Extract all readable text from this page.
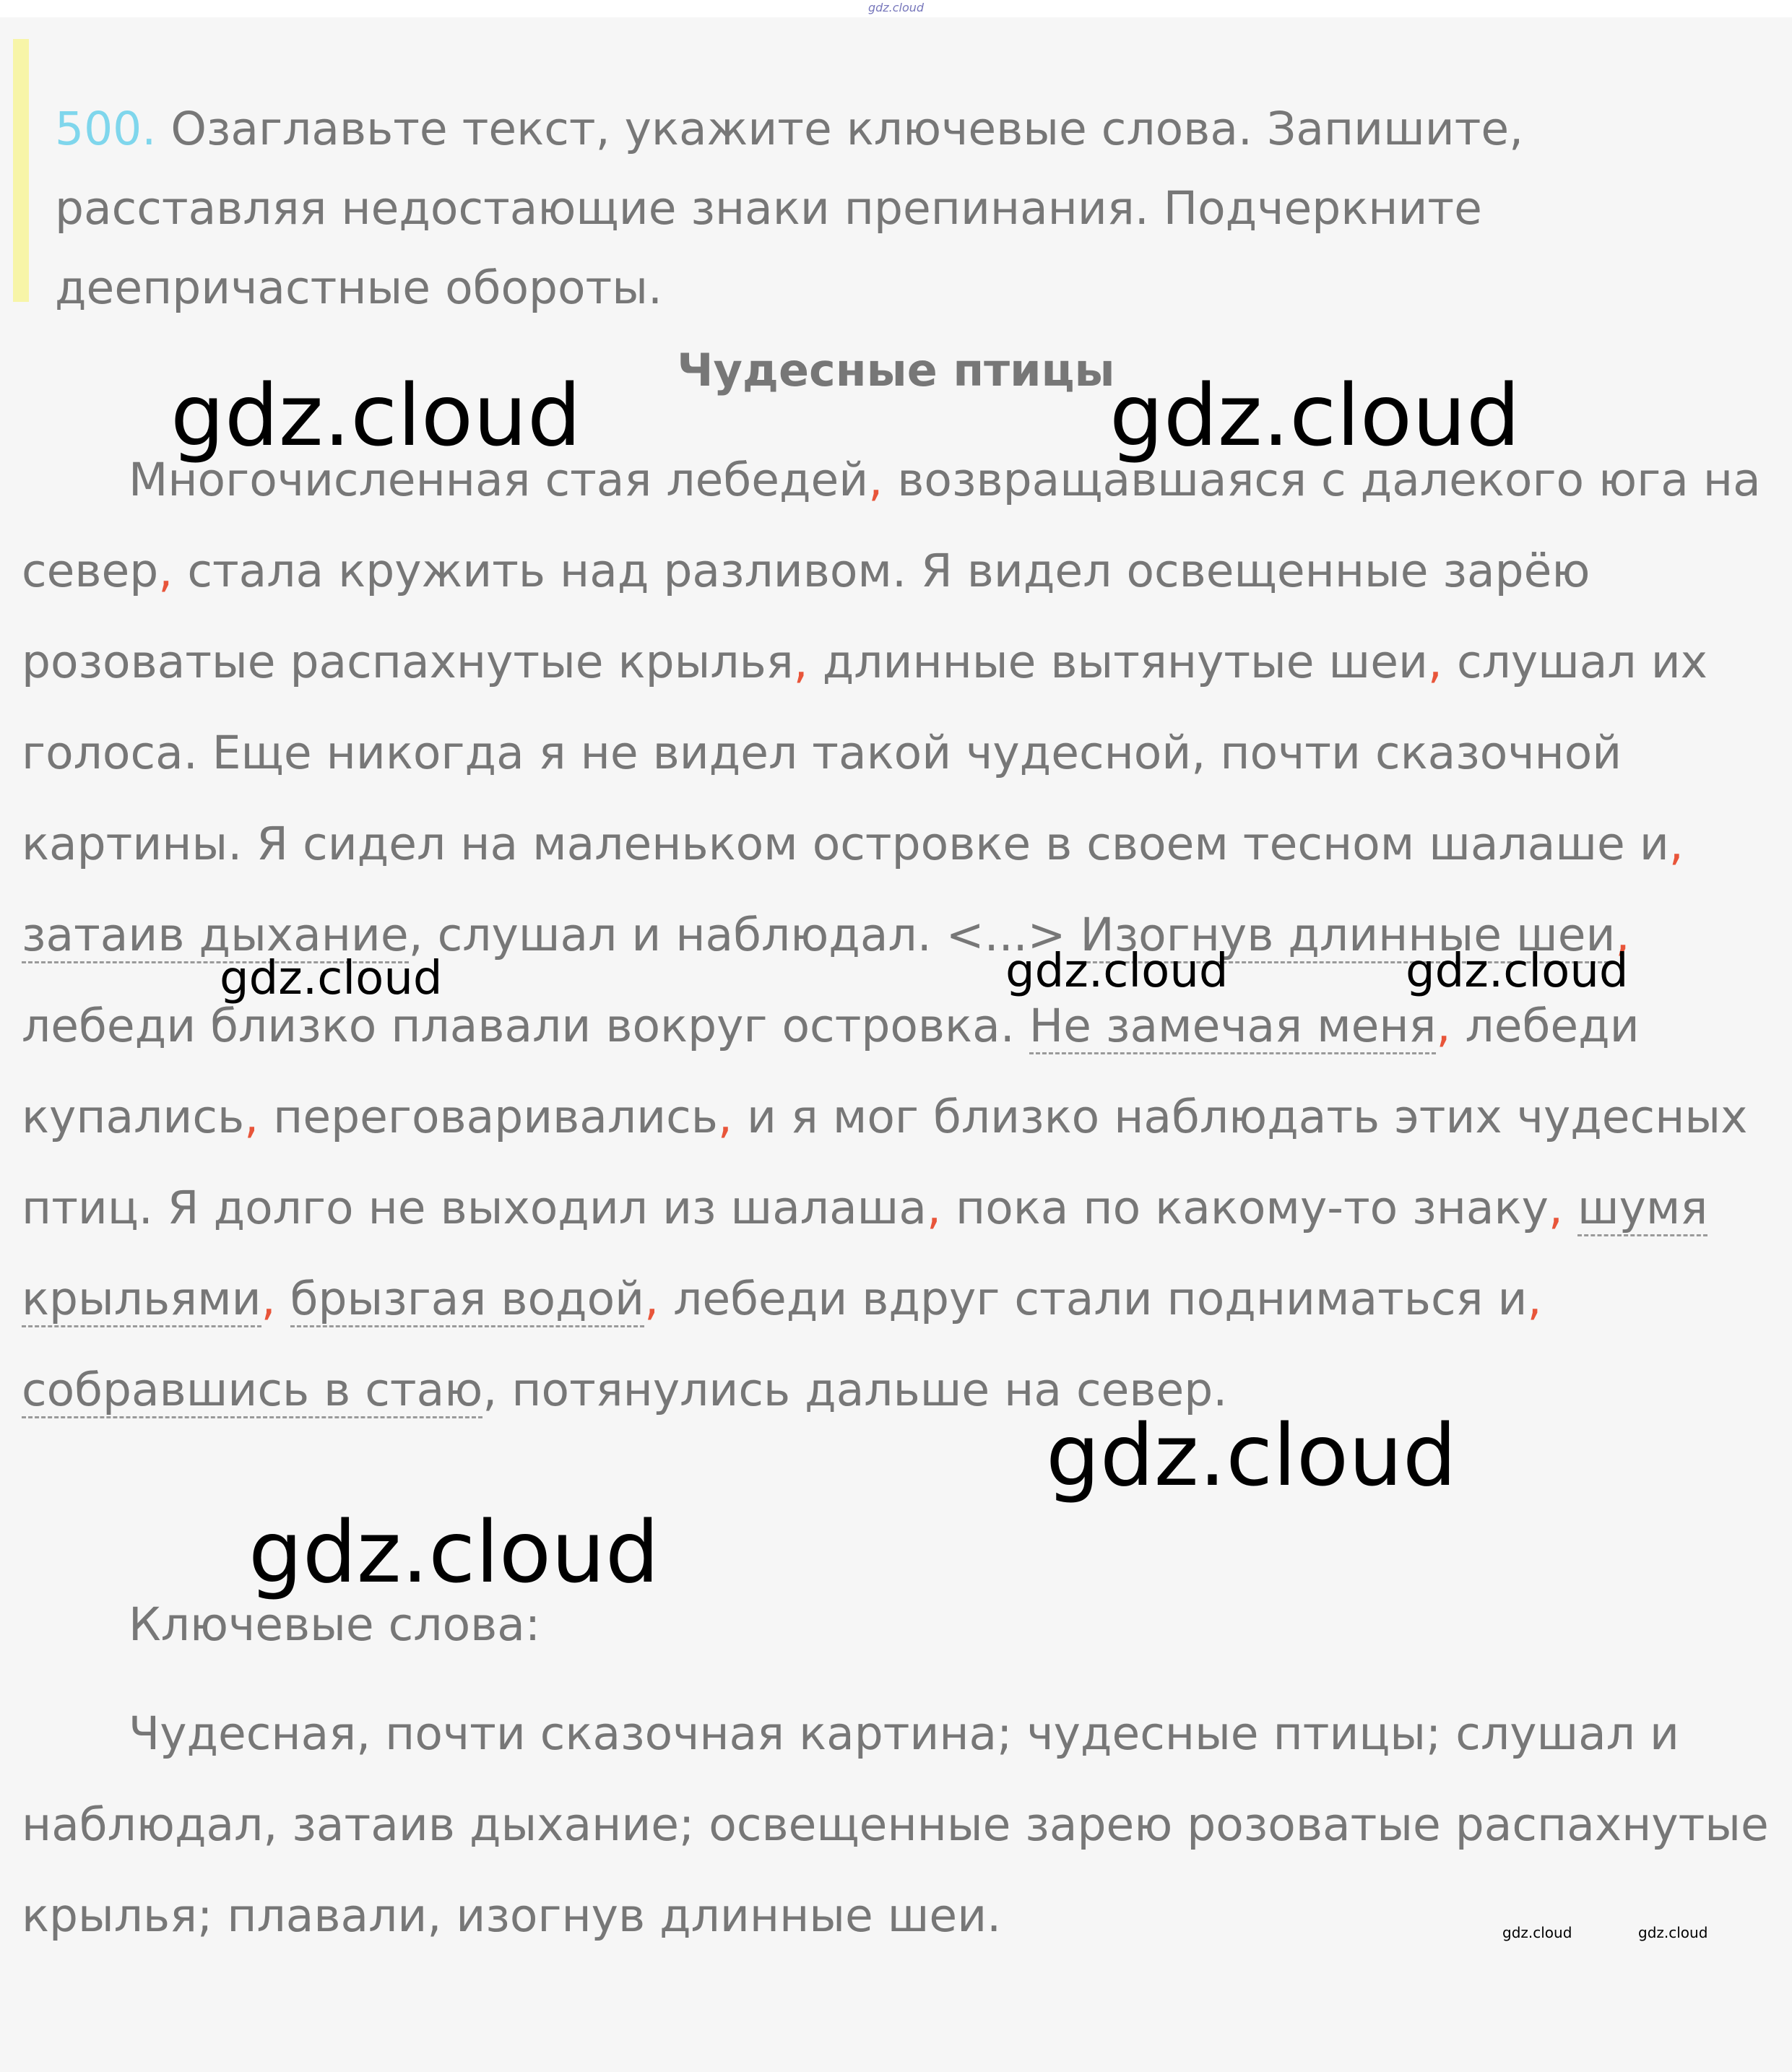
gdz.cloud
500. Озаглавьте текст, укажите ключевые слова. Запишите, расставляя недостающие знаки препинания. Подчеркните деепричастные обороты.
Чудесные птицы

Многочисленная стая лебедей, возвращавшаяся с далекого юга на север, стала кружить над разливом. Я видел освещенные зарёю розоватые распахнутые крылья, длинные вытянутые шеи, слушал их голоса. Еще никогда я не видел такой чудесной, почти сказочной картины. Я сидел на маленьком островке в своем тесном шалаше и, затаив дыхание, слушал и наблюдал. <...> Изогнув длинные шеи, лебеди близко плавали вокруг островка. Не замечая меня, лебеди купались, переговаривались, и я мог близко наблюдать этих чудесных птиц. Я долго не выходил из шалаша, пока по какому-то знаку, шумя крыльями, брызгая водой, лебеди вдруг стали подниматься и, собравшись в стаю, потянулись дальше на север.

Ключевые слова:

Чудесная, почти сказочная картина; чудесные птицы; слушал и наблюдал, затаив дыхание; освещенные зарею розоватые распахнутые крылья; плавали, изогнув длинные шеи.

gdz.cloud	gdz.cloud
gdz.cloud	gdz.cloud	gdz.cloud
gdz.cloud
gdz.cloud
gdz.cloud	gdz.cloud
